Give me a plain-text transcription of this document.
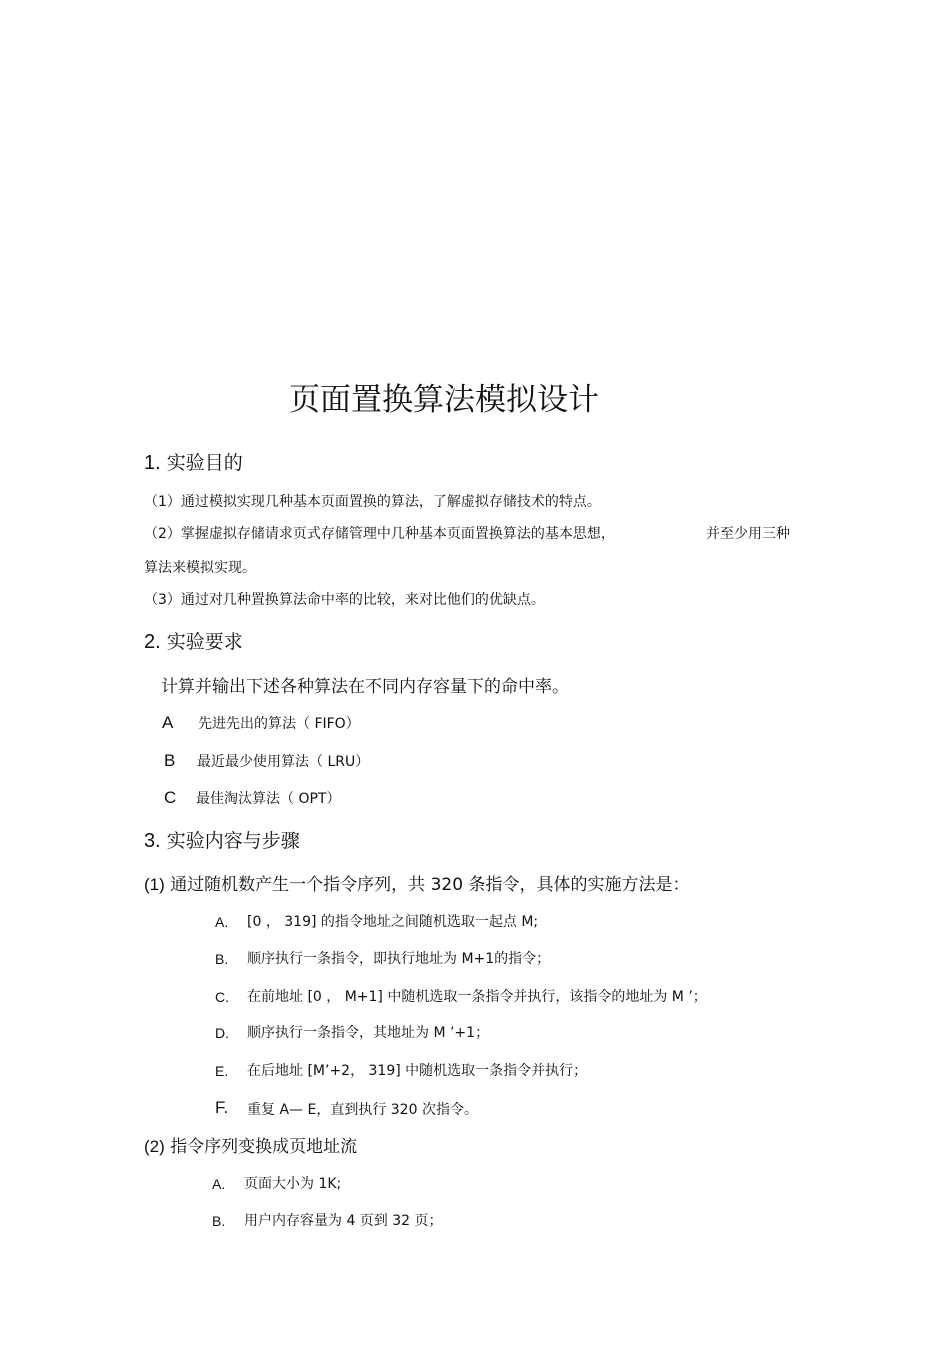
页面置换算法模拟设计
1. 实验目的
（1）通过模拟实现几种基本页面置换的算法，了解虚拟存储技术的特点。
（2）掌握虚拟存储请求页式存储管理中几种基本页面置换算法的基本思想，	并至少用三种
算法来模拟实现。
（3）通过对几种置换算法命中率的比较，来对比他们的优缺点。
2. 实验要求
计算并输出下述各种算法在不同内存容量下的命中率。
A 先进先出的算法（ FIFO）
B 最近最少使用算法（ LRU）
C 最佳淘汰算法（ OPT）
3. 实验内容与步骤
(1) 通过随机数产生一个指令序列，共 320 条指令，具体的实施方法是：
A. [0 ， 319] 的指令地址之间随机选取一起点 M;
B. 顺序执行一条指令，即执行地址为 M+1的指令；
C. 在前地址 [0 ， M+1] 中随机选取一条指令并执行，该指令的地址为 M ’；
D. 顺序执行一条指令，其地址为 M ’+1；
E. 在后地址 [M’+2， 319] 中随机选取一条指令并执行；
F. 重复 A— E，直到执行 320 次指令。
(2) 指令序列变换成页地址流
A. 页面大小为 1K;
B. 用户内存容量为 4 页到 32 页；
